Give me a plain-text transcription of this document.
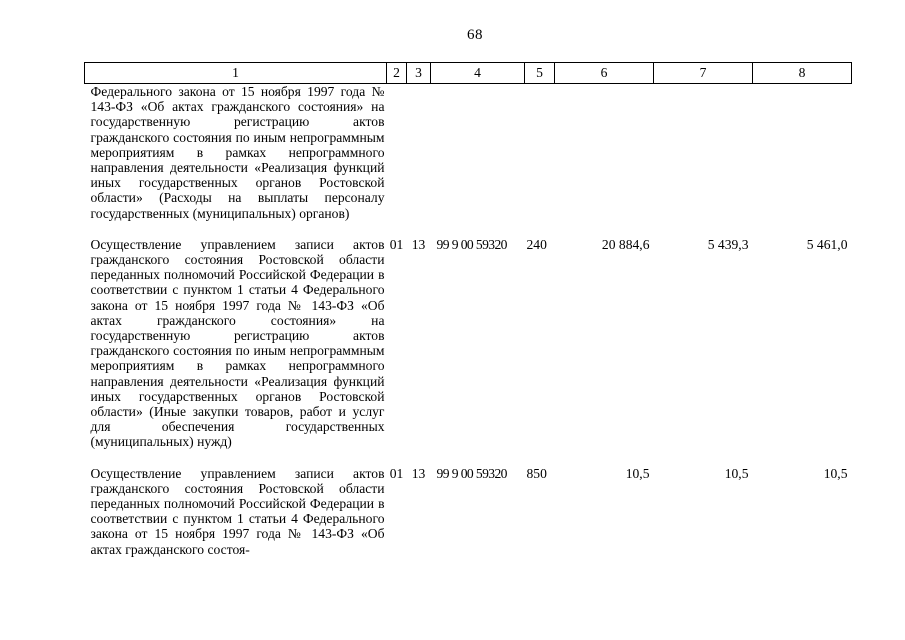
68
1	2	3	4	5	6	7	8
Федерального закона от 15 ноября 1997 года № 143-ФЗ «Об актах гражданского состояния» на государственную регистрацию актов гражданского состояния по иным непрограммным мероприятиям в рамках непрограммного направления деятельности «Реализация функций иных государственных органов Ростовской области» (Расходы на выплаты персоналу государственных (муниципальных) органов)							

Осуществление управлением записи актов гражданского состояния Ростовской области переданных полномочий Российской Федерации в соответствии с пунктом 1 статьи 4 Федерального закона от 15 ноября 1997 года № 143-ФЗ «Об актах гражданского состояния» на государственную регистрацию актов гражданского состояния по иным непрограммным мероприятиям в рамках непрограммного направления деятельности «Реализация функций иных государственных органов Ростовской области» (Иные закупки товаров, работ и услуг для обеспечения государственных (муниципальных) нужд)	01	13	99 9 00 59320	240	20 884,6	5 439,3	5 461,0

Осуществление управлением записи актов гражданского состояния Ростовской области переданных полномочий Российской Федерации в соответствии с пунктом 1 статьи 4 Федерального закона от 15 ноября 1997 года № 143-ФЗ «Об актах гражданского состоя-	01	13	99 9 00 59320	850	10,5	10,5	10,5
